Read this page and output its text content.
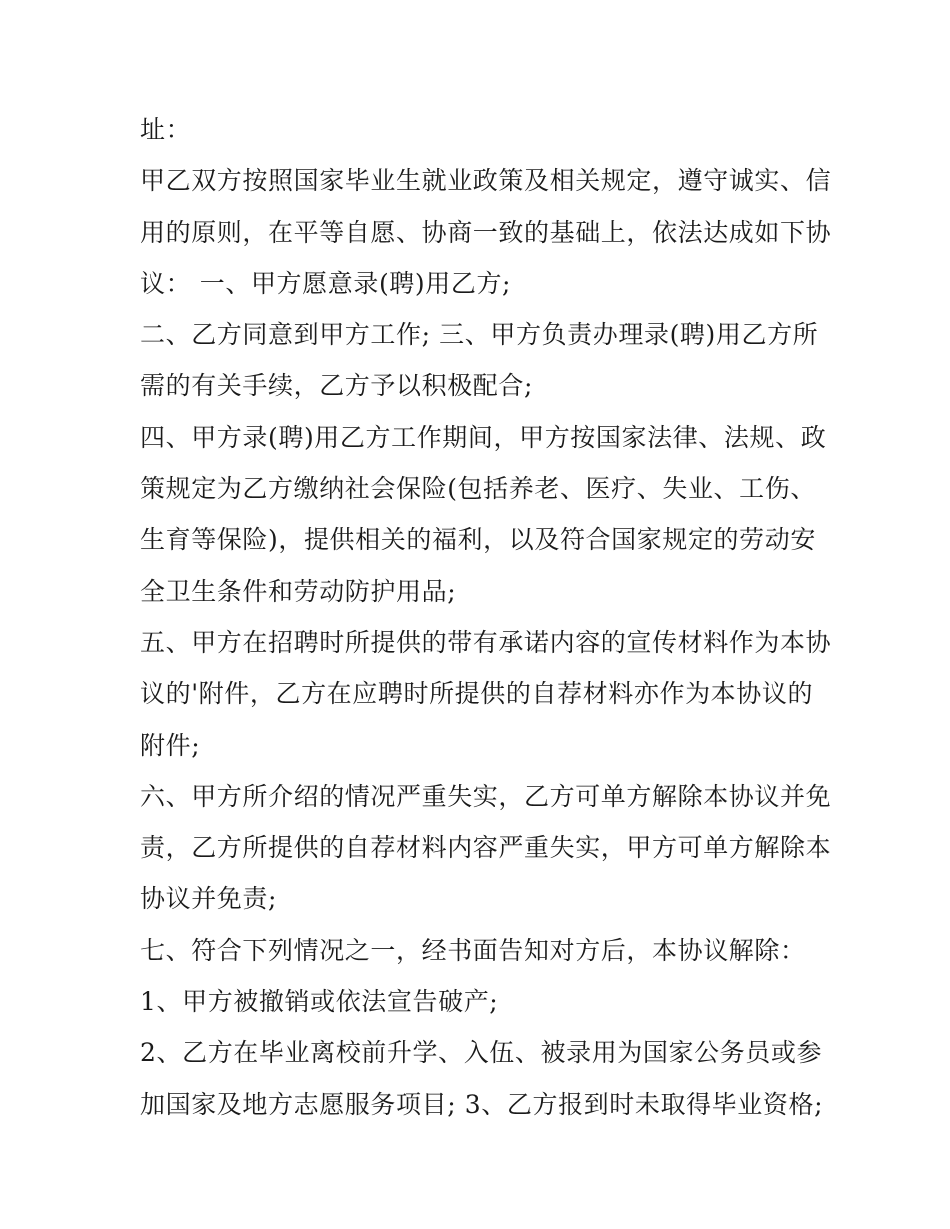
址：
甲乙双方按照国家毕业生就业政策及相关规定，遵守诚实、信
用的原则，在平等自愿、协商一致的基础上，依法达成如下协
议： 一、甲方愿意录(聘)用乙方;
二、乙方同意到甲方工作; 三、甲方负责办理录(聘)用乙方所
需的有关手续，乙方予以积极配合;
四、甲方录(聘)用乙方工作期间，甲方按国家法律、法规、政
策规定为乙方缴纳社会保险(包括养老、医疗、失业、工伤、
生育等保险)，提供相关的福利，以及符合国家规定的劳动安
全卫生条件和劳动防护用品;
五、甲方在招聘时所提供的带有承诺内容的宣传材料作为本协
议的'附件，乙方在应聘时所提供的自荐材料亦作为本协议的
附件;
六、甲方所介绍的情况严重失实，乙方可单方解除本协议并免
责，乙方所提供的自荐材料内容严重失实，甲方可单方解除本
协议并免责;
七、符合下列情况之一，经书面告知对方后，本协议解除：
1、甲方被撤销或依法宣告破产;
2、乙方在毕业离校前升学、入伍、被录用为国家公务员或参
加国家及地方志愿服务项目; 3、乙方报到时未取得毕业资格;
